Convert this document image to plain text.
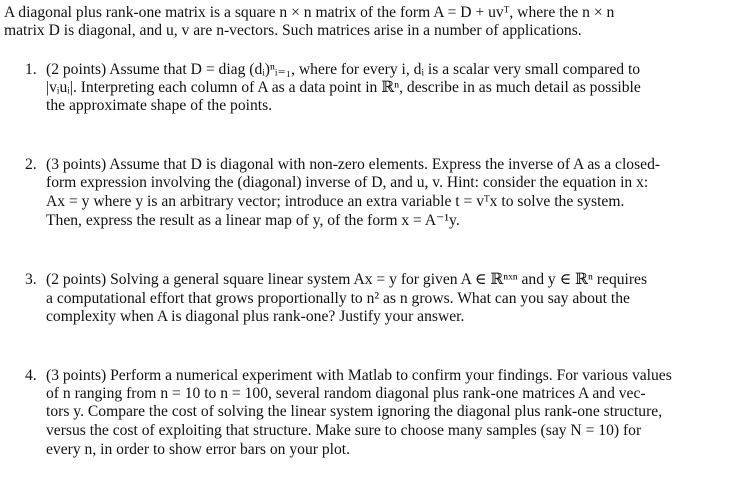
A diagonal plus rank-one matrix is a square n × n matrix of the form A = D + uvᵀ, where the n × n
matrix D is diagonal, and u, v are n-vectors. Such matrices arise in a number of applications.
1. (2 points) Assume that D = diag (dᵢ)ⁿᵢ₌₁, where for every i, dᵢ is a scalar very small compared to
|vᵢuᵢ|. Interpreting each column of A as a data point in ℝⁿ, describe in as much detail as possible
the approximate shape of the points.
2. (3 points) Assume that D is diagonal with non-zero elements. Express the inverse of A as a closed-
form expression involving the (diagonal) inverse of D, and u, v. Hint: consider the equation in x:
Ax = y where y is an arbitrary vector; introduce an extra variable t = vᵀx to solve the system.
Then, express the result as a linear map of y, of the form x = A⁻¹y.
3. (2 points) Solving a general square linear system Ax = y for given A ∈ ℝⁿˣⁿ and y ∈ ℝⁿ requires
a computational effort that grows proportionally to n² as n grows. What can you say about the
complexity when A is diagonal plus rank-one? Justify your answer.
4. (3 points) Perform a numerical experiment with Matlab to confirm your findings. For various values
of n ranging from n = 10 to n = 100, several random diagonal plus rank-one matrices A and vec-
tors y. Compare the cost of solving the linear system ignoring the diagonal plus rank-one structure,
versus the cost of exploiting that structure. Make sure to choose many samples (say N = 10) for
every n, in order to show error bars on your plot.
